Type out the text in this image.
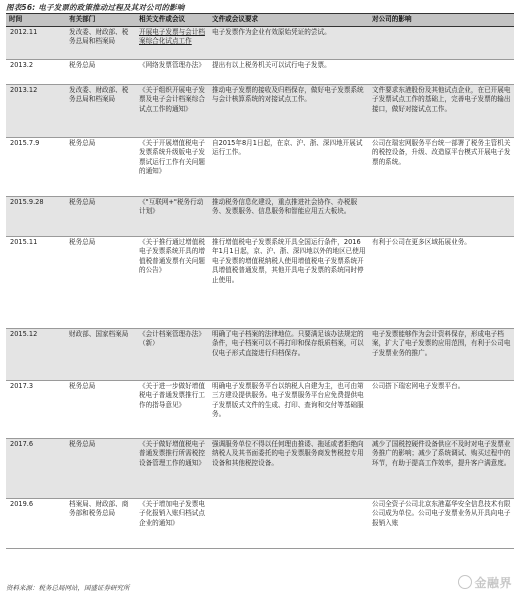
图表56: 电子发票的政策推动过程及其对公司的影响
时间	有关部门	相关文件或会议	文件或会议要求	对公司的影响
2012.11	发改委、财政部、税务总局和档案局	开展电子发票与会计档案综合化试点工作	电子发票作为企业有效原始凭证的尝试。	
2013.2	税务总局	《网络发票管理办法》	提出有以上税务机关可以试行电子发票。	
2013.12	发改委、财政部、税务总局和档案局	《关于组织开展电子发票及电子会计档案综合试点工作的通知》	推动电子发票的接收及归档保存，做好电子发票系统与会计核算系统的对接试点工作。	文件要求东港股份及其他试点企业，在已开展电子发票试点工作的基础上，完善电子发票的输出接口，做好对接试点工作。
2015.7.9	税务总局	《关于开展增值税电子发票系统升级版电子发票试运行工作有关问题的通知》	自2015年8月1日起，在京、沪、浙、深四地开展试运行工作。	公司在瑞宏网服务平台统一部署了税务主管机关的税控设备，升级、改造原平台模式开展电子发票的系统。
2015.9.28	税务总局	《"互联网+"税务行动计划》	推动税务信息化建设，重点推进社会协作、办税服务、发票服务、信息服务和智能应用五大板块。	
2015.11	税务总局	《关于推行通过增值税电子发票系统开具的增值税普通发票有关问题的公告》	推行增值税电子发票系统开具全国运行条件，2016年1月1日起，京、沪、浙、深四地以外的地区已使用电子发票的增值税纳税人使用增值税电子发票系统开具增值税普通发票，其他开具电子发票的系统同时停止使用。	有利于公司在更多区域拓展业务。
2015.12	财政部、国家档案局	《会计档案管理办法》（新）	明确了电子档案的法律地位。只要满足该办法规定的条件，电子档案可以不再打印和保存纸质档案，可以仅电子形式直接进行归档保存。	电子发票能够作为会计资料保存，形成电子档案，扩大了电子发票的应用范围，有利于公司电子发票业务的推广。
2017.3	税务总局	《关于进一步做好增值税电子普通发票推行工作的指导意见》	明确电子发票服务平台以纳税人自建为主，也可由第三方建设提供服务。电子发票服务平台应免费提供电子发票版式文件的生成、打印、查询和交付等基础服务。	公司搭下瑞宏网电子发票平台。
2017.6	税务总局	《关于做好增值税电子普通发票推行所需税控设备管理工作的通知》	强调服务单位不得以任何理由推诿、拖延或者拒绝向纳税人及其书面委托的电子发票服务商发售税控专用设备和其他税控设备。	减少了国税控硬件设备供应不及时对电子发票业务推广的影响；减少了系统调试、购买过程中的环节，有助于提高工作效率，提升客户满意度。
2019.6	档案局、财政部、商务部和税务总局	《关于增加电子发票电子化报销入账归档试点企业的通知》		公司全资子公司北京东港嘉华安全信息技术有限公司成为单位。公司电子发票业务从开具向电子报销入账
资料来源：税务总局网站，国盛证券研究所	金融界
